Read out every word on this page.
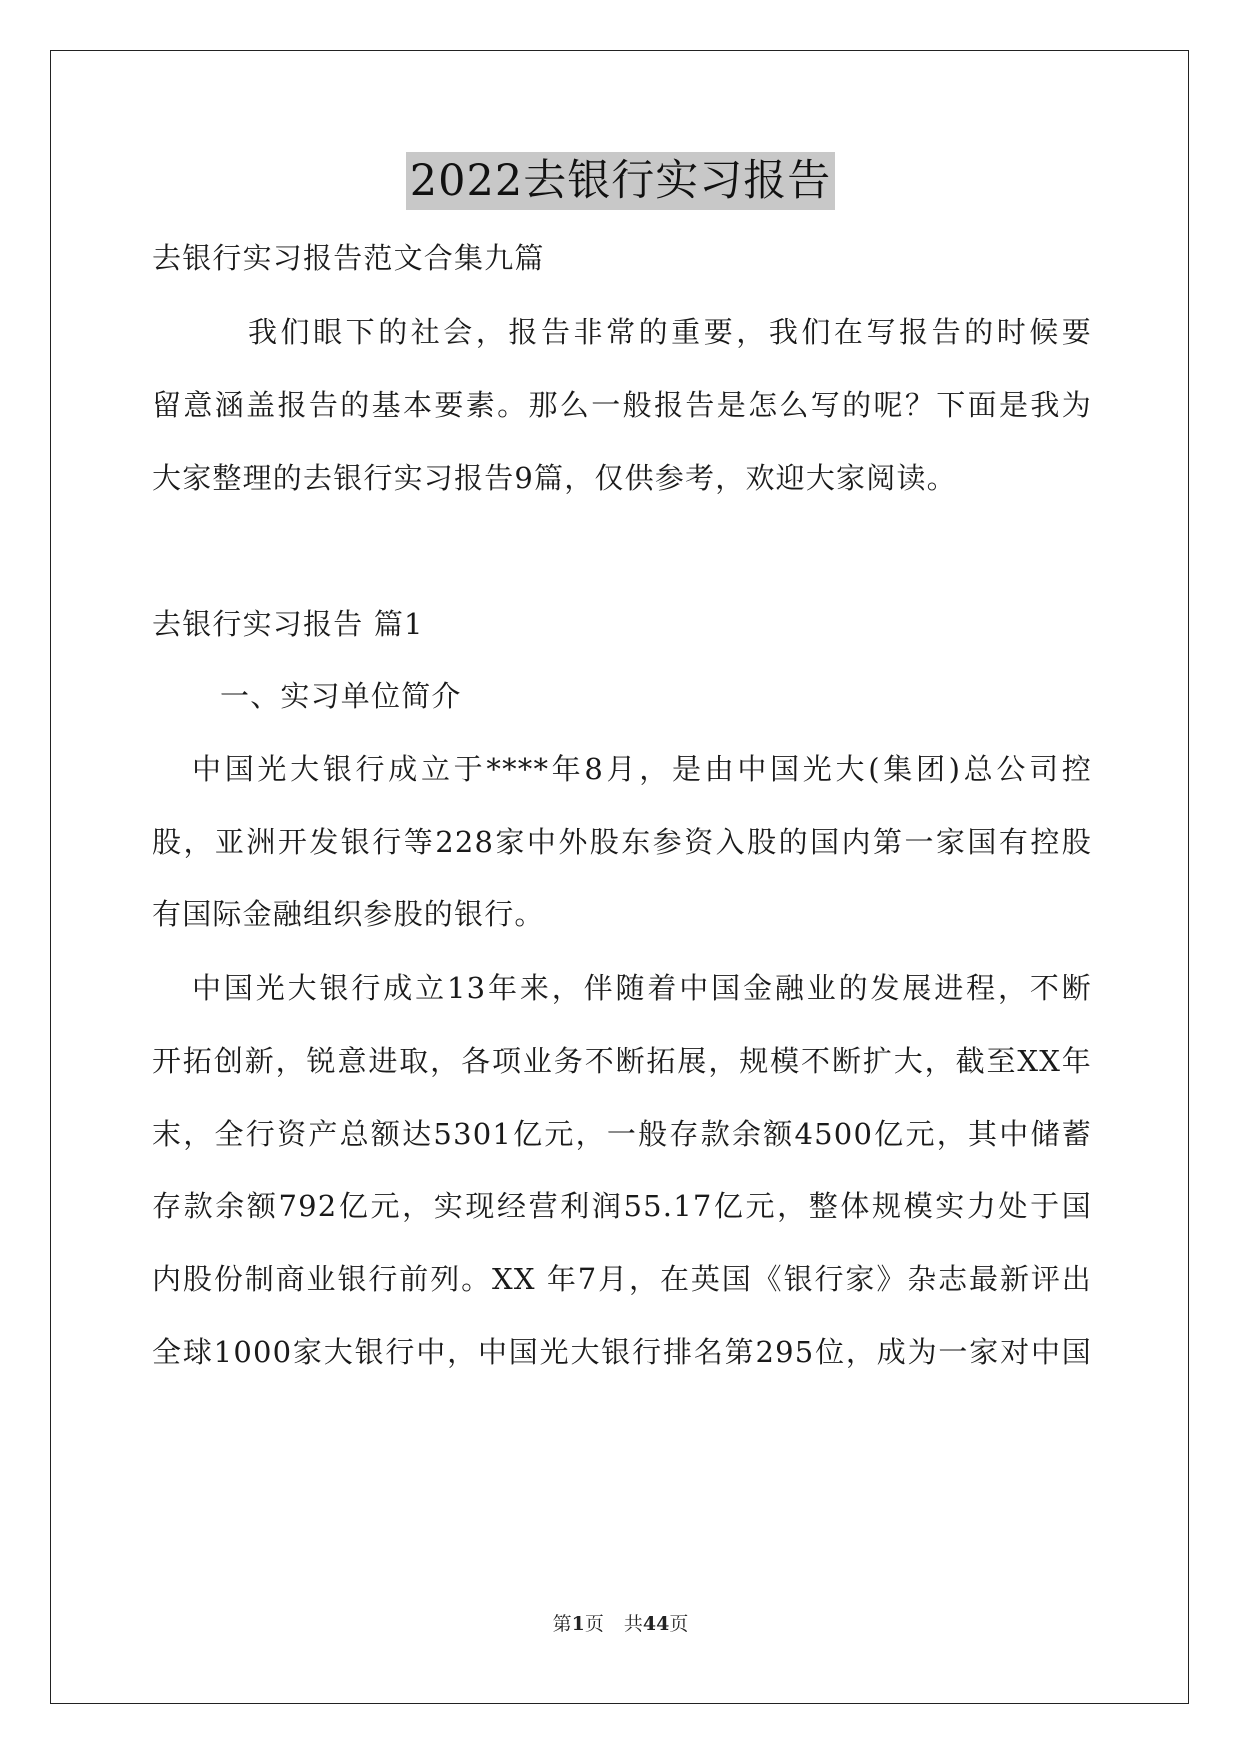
2022去银行实习报告
去银行实习报告范文合集九篇
我们眼下的社会，报告非常的重要，我们在写报告的时候要
留意涵盖报告的基本要素。那么一般报告是怎么写的呢？下面是我为
大家整理的去银行实习报告9篇，仅供参考，欢迎大家阅读。
去银行实习报告 篇1
一、实习单位简介
中国光大银行成立于****年8月，是由中国光大(集团)总公司控
股，亚洲开发银行等228家中外股东参资入股的国内第一家国有控股
有国际金融组织参股的银行。
中国光大银行成立13年来，伴随着中国金融业的发展进程，不断
开拓创新，锐意进取，各项业务不断拓展，规模不断扩大，截至XX年
末，全行资产总额达5301亿元，一般存款余额4500亿元，其中储蓄
存款余额792亿元，实现经营利润55.17亿元，整体规模实力处于国
内股份制商业银行前列。XX 年7月，在英国《银行家》杂志最新评出
全球1000家大银行中，中国光大银行排名第295位，成为一家对中国
第1页 共44页
